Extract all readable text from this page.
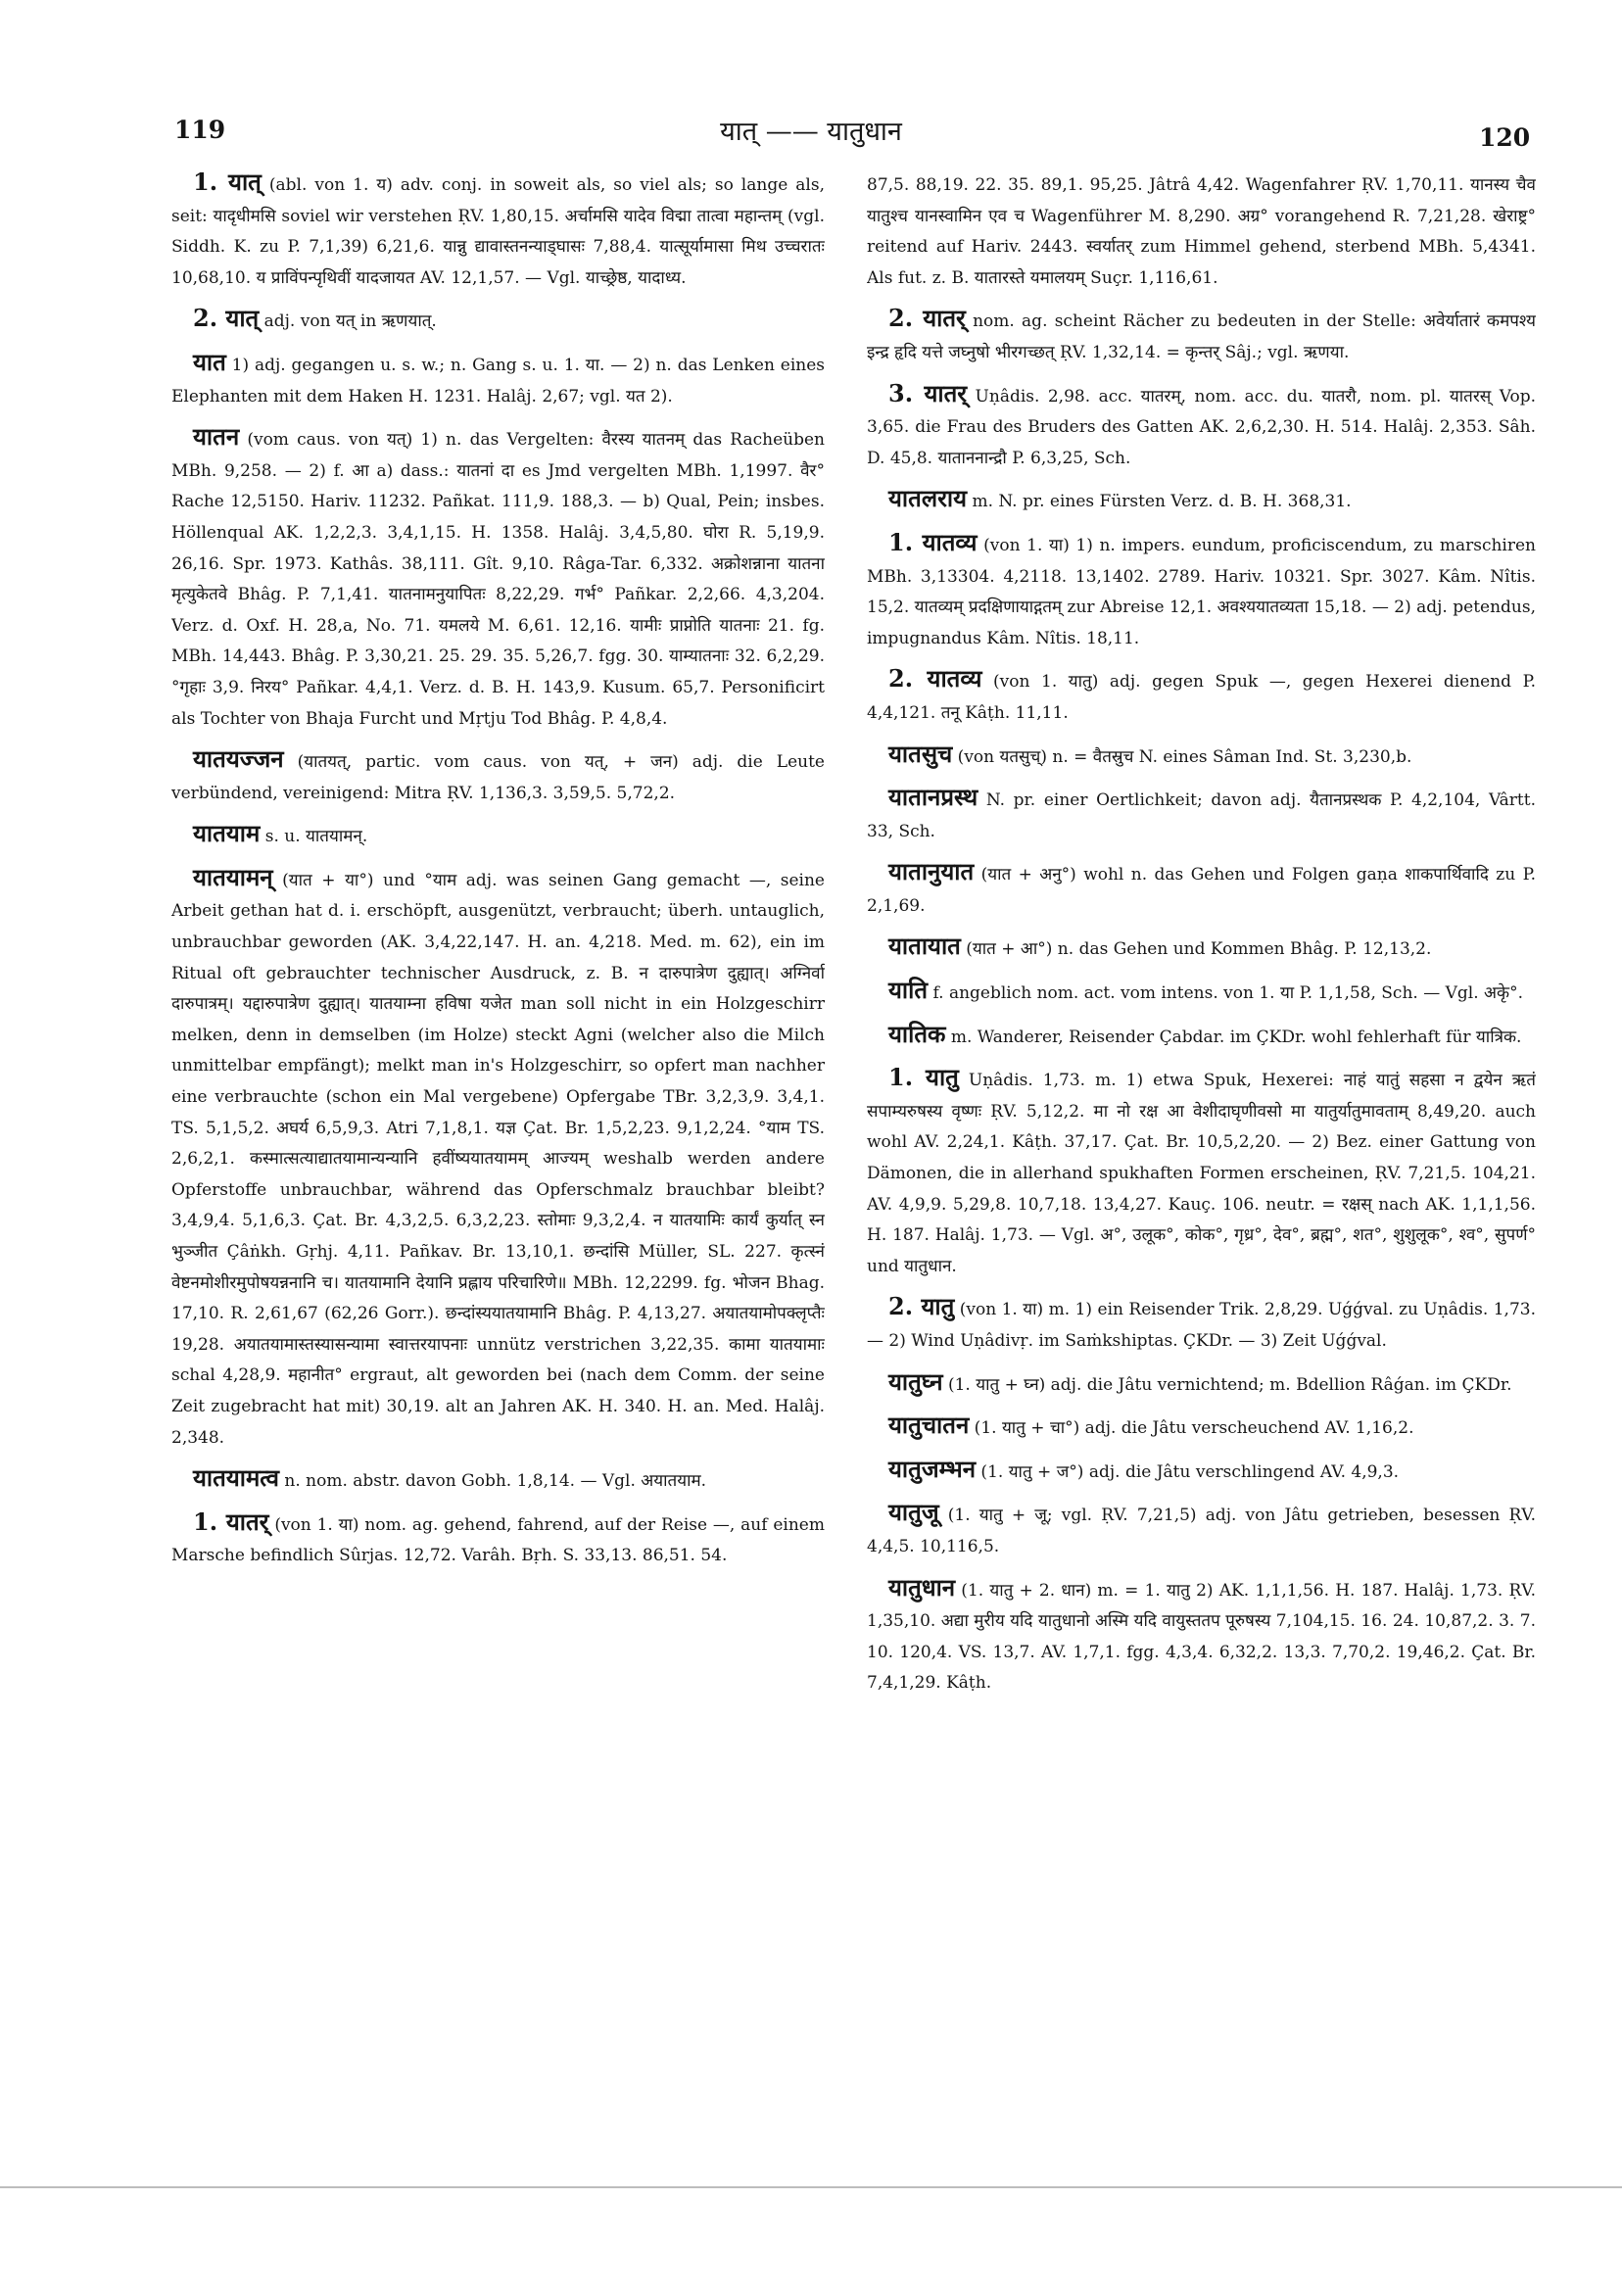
119	यात् —— यातुधान	120

1. यात् (abl. von 1. य) adv. conj. in soweit als, so viel als; so lange als, seit: यादृधीमसि soviel wir verstehen ṚV. 1,80,15. अर्चामसि यादेव विद्मा तात्वा महान्तम् (vgl. Siddh. K. zu P. 7,1,39) 6,21,6. यान्नु द्यावास्तनन्याड्घासः 7,88,4. यात्सूर्यामासा मिथ उच्चरातः 10,68,10. य प्राविंपन्पृथिवीं यादजायत AV. 12,1,57. — Vgl. याच्छ्रेष्ठ, यादाध्य.

2. यात् adj. von यत् in ऋणयात्.

यात 1) adj. gegangen u. s. w.; n. Gang s. u. 1. या. — 2) n. das Lenken eines Elephanten mit dem Haken H. 1231. Halâj. 2,67; vgl. यत 2).

यातन (vom caus. von यत्) 1) n. das Vergelten: वैरस्य यातनम् das Racheüben MBh. 9,258. — 2) f. आ a) dass.: यातनां दा es Jmd vergelten MBh. 1,1997. वैर° Rache 12,5150. Hariv. 11232. Pañkat. 111,9. 188,3. — b) Qual, Pein; insbes. Höllenqual AK. 1,2,2,3. 3,4,1,15. H. 1358. Halâj. 3,4,5,80. घोरा R. 5,19,9. 26,16. Spr. 1973. Kathâs. 38,111. Gît. 9,10. Râga-Tar. 6,332. अक्रोशन्नाना यातना मृत्युकेतवे Bhâg. P. 7,1,41. यातनामनुयापितः 8,22,29. गर्भ° Pañkar. 2,2,66. 4,3,204. Verz. d. Oxf. H. 28,a, No. 71. यमलये M. 6,61. 12,16. यामीः प्राप्नोति यातनाः 21. fg. MBh. 14,443. Bhâg. P. 3,30,21. 25. 29. 35. 5,26,7. fgg. 30. याम्यातनाः 32. 6,2,29. °गृहाः 3,9. निरय° Pañkar. 4,4,1. Verz. d. B. H. 143,9. Kusum. 65,7. Personificirt als Tochter von Bhaja Furcht und Mṛtju Tod Bhâg. P. 4,8,4.

यातयज्जन (यातयत्, partic. vom caus. von यत्, + जन) adj. die Leute verbündend, vereinigend: Mitra ṚV. 1,136,3. 3,59,5. 5,72,2.

यातयाम s. u. यातयामन्.

यातयामन् (यात + या°) und °याम adj. was seinen Gang gemacht —, seine Arbeit gethan hat d. i. erschöpft, ausgenützt, verbraucht; überh. untauglich, unbrauchbar geworden (AK. 3,4,22,147. H. an. 4,218. Med. m. 62), ein im Ritual oft gebrauchter technischer Ausdruck, z. B. न दारुपात्रेण दुह्यात्। अग्निर्वा दारुपात्रम्। यद्दारुपात्रेण दुह्यात्। यातयाम्ना हविषा यजेत man soll nicht in ein Holzgeschirr melken, denn in demselben (im Holze) steckt Agni (welcher also die Milch unmittelbar empfängt); melkt man in's Holzgeschirr, so opfert man nachher eine verbrauchte (schon ein Mal vergebene) Opfergabe TBr. 3,2,3,9. 3,4,1. TS. 5,1,5,2. अघर्य 6,5,9,3. Atri 7,1,8,1. यज्ञ Çat. Br. 1,5,2,23. 9,1,2,24. °याम TS. 2,6,2,1. कस्मात्सत्याद्यातयामान्यन्यानि हवींष्ययातयामम् आज्यम् weshalb werden andere Opferstoffe unbrauchbar, während das Opferschmalz brauchbar bleibt? 3,4,9,4. 5,1,6,3. Çat. Br. 4,3,2,5. 6,3,2,23. स्तोमाः 9,3,2,4. न यातयामिः कार्यं कुर्यात् स्न भुञ्जीत Çâṅkh. Gṛhj. 4,11. Pañkav. Br. 13,10,1. छन्दांसि Müller, SL. 227. कृत्स्नं वेष्टनमोशीरमुपोषयन्ननानि च। यातयामानि देयानि प्रह्लाय परिचारिणे॥ MBh. 12,2299. fg. भोजन Bhag. 17,10. R. 2,61,67 (62,26 Gorr.). छन्दांस्ययातयामानि Bhâg. P. 4,13,27. अयातयामोपक्लृप्तैः 19,28. अयातयामास्तस्यासन्यामा स्वात्तरयापनाः unnütz verstrichen 3,22,35. कामा यातयामाः schal 4,28,9. महानीत° ergraut, alt geworden bei (nach dem Comm. der seine Zeit zugebracht hat mit) 30,19. alt an Jahren AK. H. 340. H. an. Med. Halâj. 2,348.

यातयामत्व n. nom. abstr. davon Gobh. 1,8,14. — Vgl. अयातयाम.

1. यातर् (von 1. या) nom. ag. gehend, fahrend, auf der Reise —, auf einem Marsche befindlich Sûrjas. 12,72. Varâh. Bṛh. S. 33,13. 86,51. 54.

87,5. 88,19. 22. 35. 89,1. 95,25. Jâtrâ 4,42. Wagenfahrer ṚV. 1,70,11. यानस्य चैव यातुश्च यानस्वामिन एव च Wagenführer M. 8,290. अग्र° vorangehend R. 7,21,28. खेराष्ट्र° reitend auf Hariv. 2443. स्वर्यातर् zum Himmel gehend, sterbend MBh. 5,4341. Als fut. z. B. यातारस्ते यमालयम् Suçr. 1,116,61.

2. यातर् nom. ag. scheint Rächer zu bedeuten in der Stelle: अवेर्यातारं कमपश्य इन्द्र हृदि यत्ते जघ्नुषो भीरगच्छत् ṚV. 1,32,14. = कृन्तर् Sâj.; vgl. ऋणया.

3. यातर् Uṇâdis. 2,98. acc. यातरम्, nom. acc. du. यातरौ, nom. pl. यातरस् Vop. 3,65. die Frau des Bruders des Gatten AK. 2,6,2,30. H. 514. Halâj. 2,353. Sâh. D. 45,8. याताननान्द्रौ P. 6,3,25, Sch.

यातलराय m. N. pr. eines Fürsten Verz. d. B. H. 368,31.

1. यातव्य (von 1. या) 1) n. impers. eundum, proficiscendum, zu marschiren MBh. 3,13304. 4,2118. 13,1402. 2789. Hariv. 10321. Spr. 3027. Kâm. Nîtis. 15,2. यातव्यम् प्रदक्षिणायाद्गतम् zur Abreise 12,1. अवश्ययातव्यता 15,18. — 2) adj. petendus, impugnandus Kâm. Nîtis. 18,11.

2. यातव्य (von 1. यातु) adj. gegen Spuk —, gegen Hexerei dienend P. 4,4,121. तनू Kâṭh. 11,11.

यातसुच (von यतसुच्) n. = वैतस्रुच N. eines Sâman Ind. St. 3,230,b.

यातानप्रस्थ N. pr. einer Oertlichkeit; davon adj. यैतानप्रस्थक P. 4,2,104, Vârtt. 33, Sch.

यातानुयात (यात + अनु°) wohl n. das Gehen und Folgen gaṇa शाकपार्थिवादि zu P. 2,1,69.

यातायात (यात + आ°) n. das Gehen und Kommen Bhâg. P. 12,13,2.

याति f. angeblich nom. act. vom intens. von 1. या P. 1,1,58, Sch. — Vgl. अकृे°.

यातिक m. Wanderer, Reisender Çabdar. im ÇKDr. wohl fehlerhaft für यात्रिक.

1. यातु Uṇâdis. 1,73. m. 1) etwa Spuk, Hexerei: नाहं यातुं सहसा न द्वयेन ऋतं सपाम्यरुषस्य वृष्णः ṚV. 5,12,2. मा नो रक्ष आ वेशीदाघृणीवसो मा यातुर्यातुमावताम् 8,49,20. auch wohl AV. 2,24,1. Kâṭh. 37,17. Çat. Br. 10,5,2,20. — 2) Bez. einer Gattung von Dämonen, die in allerhand spukhaften Formen erscheinen, ṚV. 7,21,5. 104,21. AV. 4,9,9. 5,29,8. 10,7,18. 13,4,27. Kauç. 106. neutr. = रक्षस् nach AK. 1,1,1,56. H. 187. Halâj. 1,73. — Vgl. अ°, उलूक°, कोक°, गृध्र°, देव°, ब्रह्म°, शत°, शुशुलूक°, श्व°, सुपर्ण° und यातुधान.

2. यातु (von 1. या) m. 1) ein Reisender Trik. 2,8,29. Uǵǵval. zu Uṇâdis. 1,73. — 2) Wind Uṇâdivṛ. im Saṁkshiptas. ÇKDr. — 3) Zeit Uǵǵval.

यातुघ्न (1. यातु + घ्न) adj. die Jâtu vernichtend; m. Bdellion Râǵan. im ÇKDr.

यातुचातन (1. यातु + चा°) adj. die Jâtu verscheuchend AV. 1,16,2.

यातुजम्भन (1. यातु + ज°) adj. die Jâtu verschlingend AV. 4,9,3.

यातुजू (1. यातु + जू; vgl. ṚV. 7,21,5) adj. von Jâtu getrieben, besessen ṚV. 4,4,5. 10,116,5.

यातुधान (1. यातु + 2. धान) m. = 1. यातु 2) AK. 1,1,1,56. H. 187. Halâj. 1,73. ṚV. 1,35,10. अद्या मुरीय यदि यातुधानो अस्मि यदि वायुस्ततप पूरुषस्य 7,104,15. 16. 24. 10,87,2. 3. 7. 10. 120,4. VS. 13,7. AV. 1,7,1. fgg. 4,3,4. 6,32,2. 13,3. 7,70,2. 19,46,2. Çat. Br. 7,4,1,29. Kâṭh.
